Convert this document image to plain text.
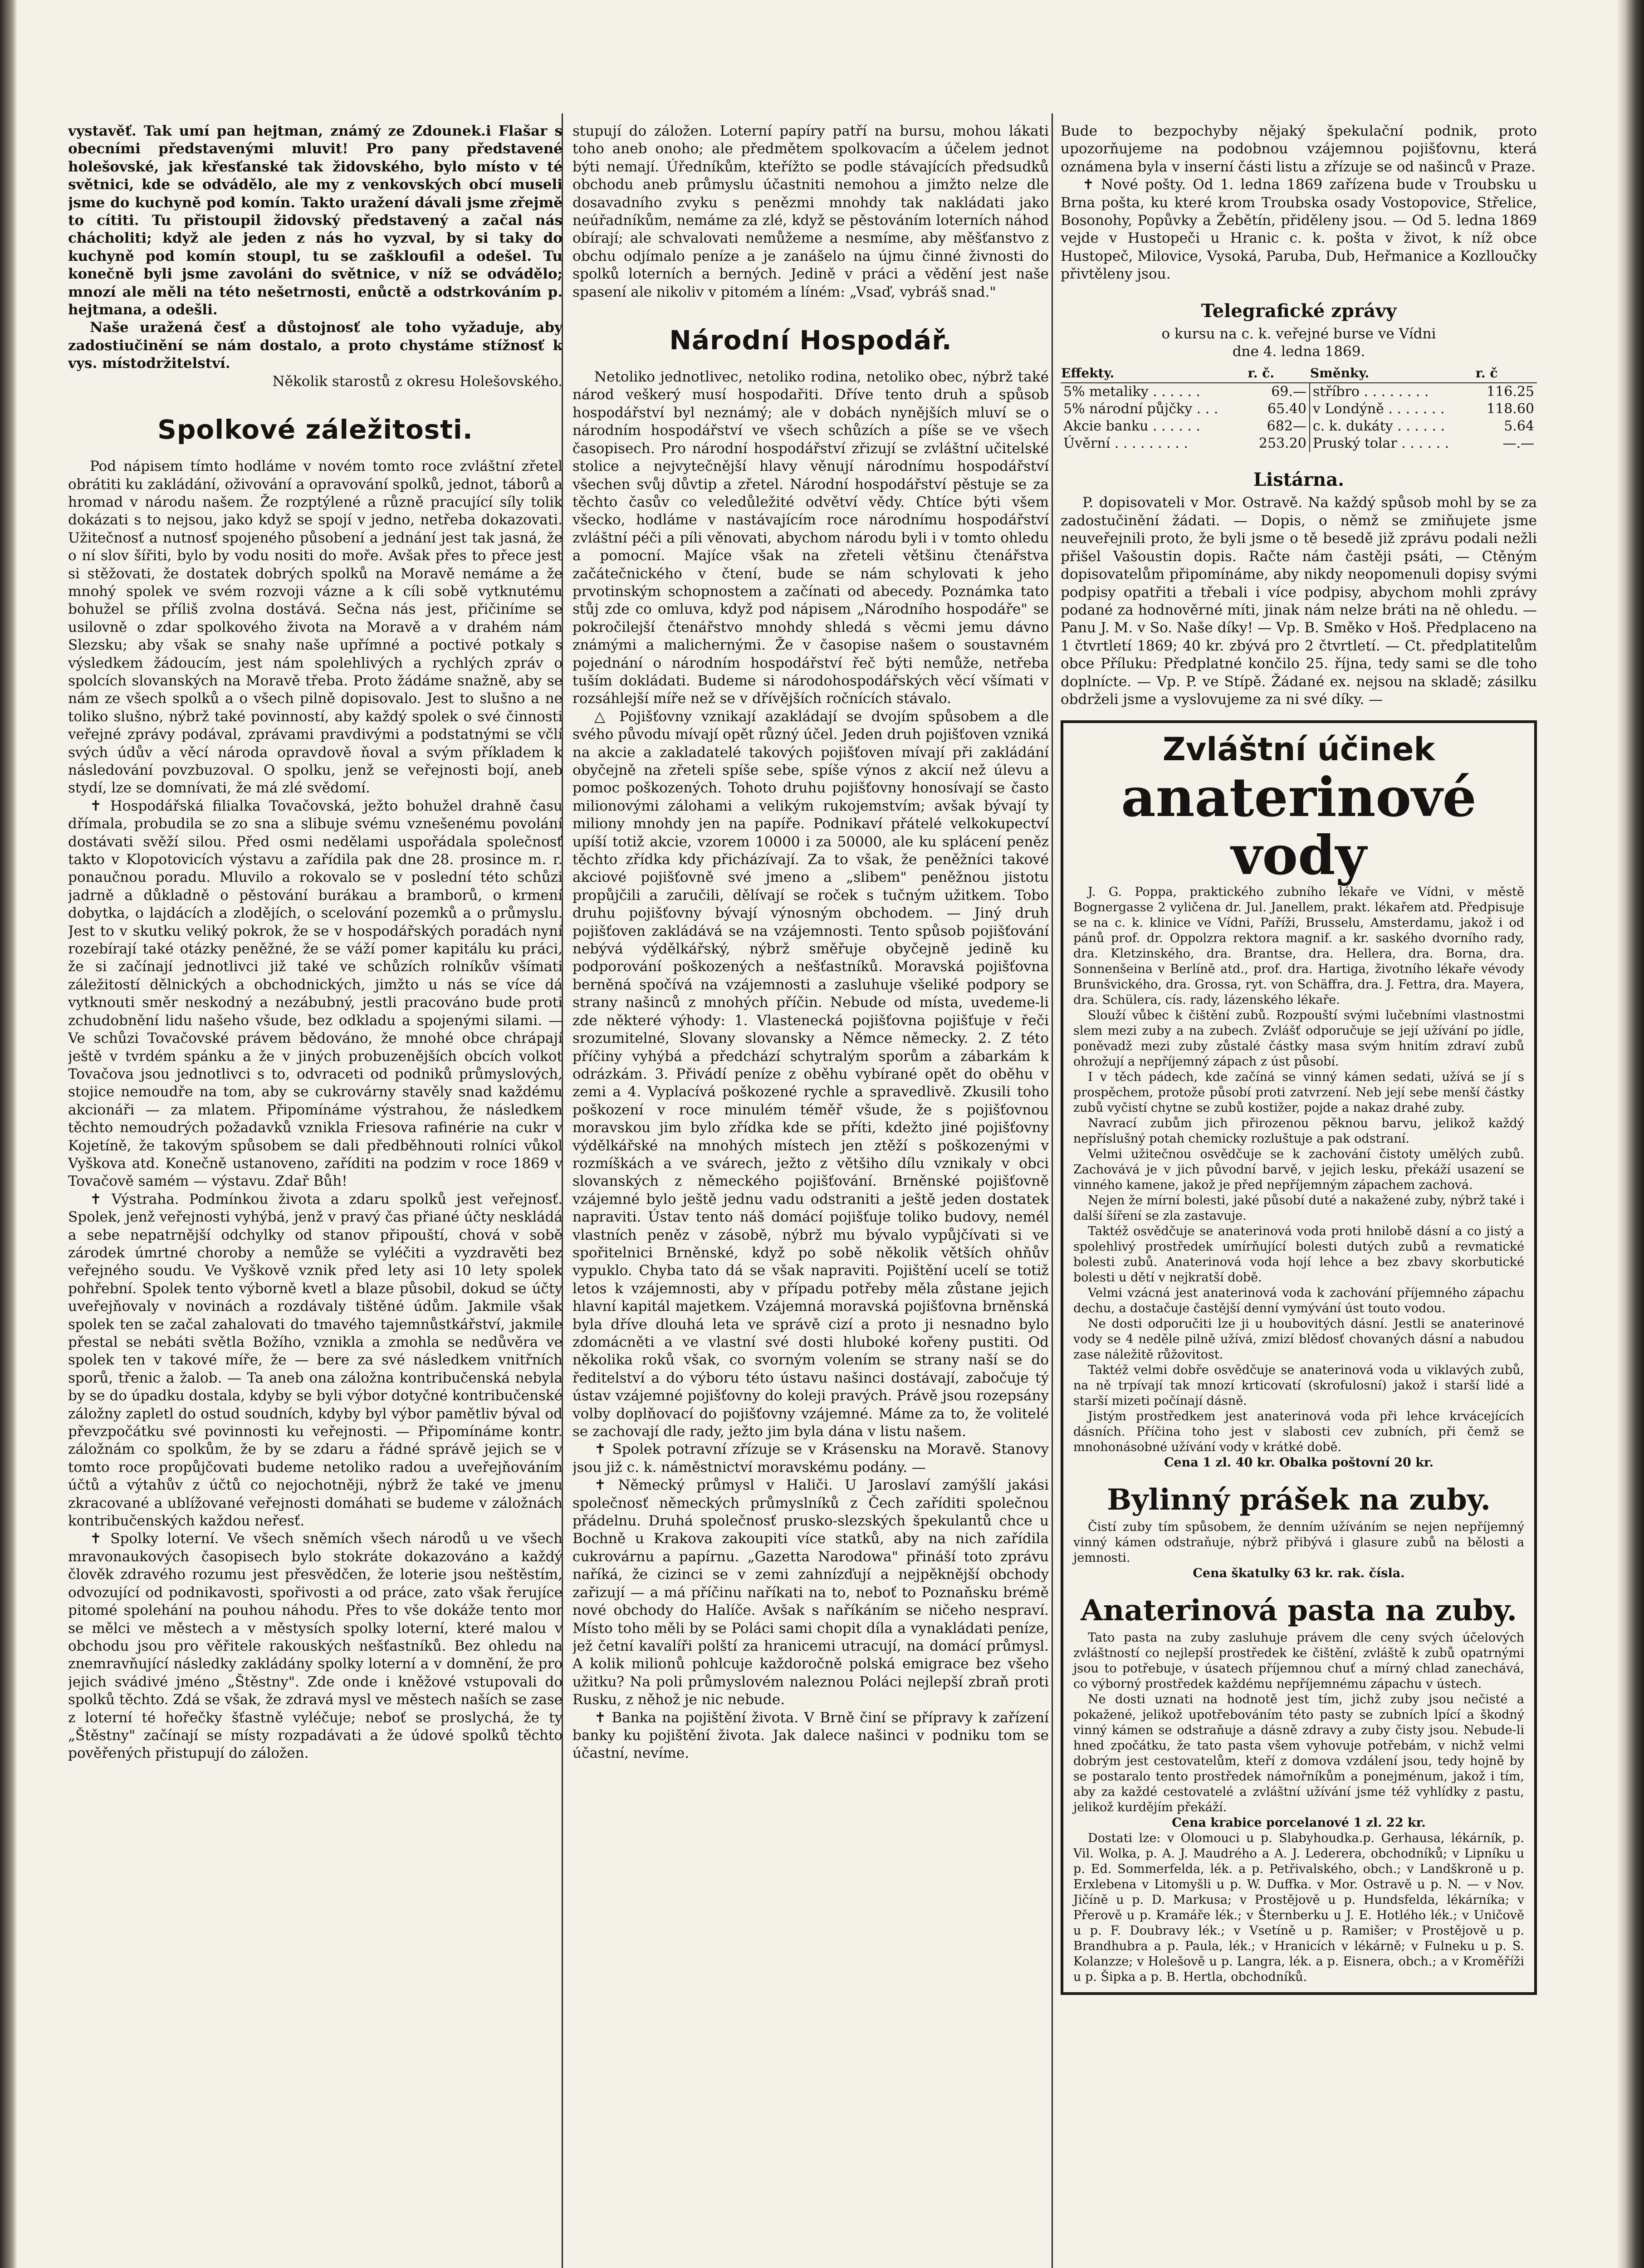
vystavěť. Tak umí pan hejtman, známý ze Zdounek.i Flašar s obecními představenými mluvit! Pro pany představené holešovské, jak křesťanské tak židovského, bylo místo v té světnici, kde se odvádělo, ale my z venkovských obcí museli jsme do kuchyně pod komín. Takto uražení dávali jsme zřejmě to cítiti. Tu přistoupil židovský představený a začal nás chácholiti; když ale jeden z nás ho vyzval, by si taky do kuchyně pod komín stoupl, tu se zaškloufil a odešel. Tu konečně byli jsme zavoláni do světnice, v níž se odvádělo; mnozí ale měli na této nešetrnosti, enůctě a odstrkováním p. hejtmana, a odešli.

Naše uražená česť a důstojnosť ale toho vyžaduje, aby zadostiučinění se nám dostalo, a proto chystáme stížnosť k vys. místodržitelství.

Několik starostů z okresu Holešovského.

Spolkové záležitosti.

Pod nápisem tímto hodláme v novém tomto roce zvláštní zřetel obrátiti ku zakládání, oživování a opravování spolků, jednot, táborů a hromad v národu našem. Že rozptýlené a různě pracující síly tolik dokázati s to nejsou, jako když se spojí v jedno, netřeba dokazovati. Užitečnosť a nutnosť spojeného působení a jednání jest tak jasná, že o ní slov šířiti, bylo by vodu nositi do moře. Avšak přes to přece jest si stěžovati, že dostatek dobrých spolků na Moravě nemáme a že mnohý spolek ve svém rozvoji vázne a k cíli sobě vytknutému bohužel se příliš zvolna dostává. Sečna nás jest, přičiníme se usilovně o zdar spolkového života na Moravě a v drahém nám Slezsku; aby však se snahy naše upřímné a poctivé potkaly s výsledkem žádoucím, jest nám spolehlivých a rychlých zpráv o spolcích slovanských na Moravě třeba. Proto žádáme snažně, aby se nám ze všech spolků a o všech pilně dopisovalo. Jest to slušno a ne toliko slušno, nýbrž také povinností, aby každý spolek o své činnosti veřejné zprávy podával, zprávami pravdivými a podstatnými se včlí svých údův a věcí národa opravdově ňoval a svým příkladem k následování povzbuzoval. O spolku, jenž se veřejnosti bojí, aneb stydí, lze se domnívati, že má zlé svědomí.

✝ Hospodářská filialka Tovačovská, ježto bohužel drahně času dřímala, probudila se zo sna a slibuje svému vznešenému povolání dostávati svěží silou. Před osmi nedělami uspořádala společnosť takto v Klopotovicích výstavu a zařídila pak dne 28. prosince m. r. ponaučnou poradu. Mluvilo a rokovalo se v poslední této schůzi jadrně a důkladně o pěstování burákau a bramborů, o krmení dobytka, o lajdácích a zlodějích, o scelování pozemků a o průmyslu. Jest to v skutku veliký pokrok, že se v hospodářských poradách nyní rozebírají také otázky peněžné, že se váží pomer kapitálu ku práci, že si začínají jednotlivci již také ve schůzích rolníkův všímati záležitostí dělnických a obchodnických, jimžto u nás se více dá vytknouti směr neskodný a nezábubný, jestli pracováno bude proti zchudobnění lidu našeho všude, bez odkladu a spojenými silami. — Ve schůzi Tovačovské právem bědováno, že mnohé obce chrápají ještě v tvrdém spánku a že v jiných probuzenějších obcích volkot Tovačova jsou jednotlivci s to, odvraceti od podniků průmyslových, stojice nemoudře na tom, aby se cukrovárny stavěly snad každému akcionáři — za mlatem. Připomínáme výstrahou, že následkem těchto nemoudrých požadavků vznikla Friesova rafinérie na cukr v Kojetíně, že takovým spůsobem se dali předběhnouti rolníci vůkol Vyškova atd. Konečně ustanoveno, zaříditi na podzim v roce 1869 v Tovačově samém — výstavu. Zdař Bůh!

✝ Výstraha. Podmínkou života a zdaru spolků jest veřejnosť. Spolek, jenž veřejnosti vyhýbá, jenž v pravý čas přiané účty neskládá a sebe nepatrnější odchylky od stanov připouští, chová v sobě zárodek úmrtné choroby a nemůže se vyléčiti a vyzdravěti bez veřejného soudu. Ve Vyškově vznik před lety asi 10 lety spolek pohřební. Spolek tento výborně kvetl a blaze působil, dokud se účty uveřejňovaly v novinách a rozdávaly tištěné údům. Jakmile však spolek ten se začal zahalovati do tmavého tajemnůstkářství, jakmile přestal se nebáti světla Božího, vznikla a zmohla se nedůvěra ve spolek ten v takové míře, že — bere za své následkem vnitřních sporů, třenic a žalob. — Ta aneb ona záložna kontribučenská nebyla by se do úpadku dostala, kdyby se byli výbor dotyčné kontribučenské záložny zapletl do ostud soudních, kdyby byl výbor pamětliv býval od převzpočátku své povinnosti ku veřejnosti. — Připomínáme kontr. záložnám co spolkům, že by se zdaru a řádné správě jejich se v tomto roce propůjčovati budeme netoliko radou a uveřejňováním účtů a výtahův z účtů co nejochotněji, nýbrž že také ve jmenu zkracované a ublížované veřejnosti domáhati se budeme v záložnách kontribučenských každou neřesť.

✝ Spolky loterní. Ve všech sněmích všech národů u ve všech mravonaukových časopisech bylo stokráte dokazováno a každý člověk zdravého rozumu jest přesvědčen, že loterie jsou neštěstím, odvozující od podnikavosti, spořivosti a od práce, zato však řerujíce pitomé spolehání na pouhou náhodu. Přes to vše dokáže tento mor se mělci ve městech a v městysích spolky loterní, které malou v obchodu jsou pro věřitele rakouských nešťastníků. Bez ohledu na znemravňující následky zakládány spolky loterní a v domnění, že pro jejich svádivé jméno „Štěstny". Zde onde i kněžové vstupovali do spolků těchto. Zdá se však, že zdravá mysl ve městech naších se zase z loterní té hořečky šťastně vyléčuje; neboť se proslychá, že ty „Štěstny" začínají se místy rozpadávati a že údové spolků těchto pověřených přistupují do záložen.

stupují do záložen. Loterní papíry patří na bursu, mohou lákati toho aneb onoho; ale předmětem spolkovacím a účelem jednot býti nemají. Úředníkům, kteřížto se podle stávajících předsudků obchodu aneb průmyslu účastniti nemohou a jimžto nelze dle dosavadního zvyku s penězmi mnohdy tak nakládati jako neúřadníkům, nemáme za zlé, když se pěstováním loterních náhod obírají; ale schvalovati nemůžeme a nesmíme, aby měšťanstvo z obchu odjímalo peníze a je zanášelo na újmu činné živnosti do spolků loterních a berných. Jedině v práci a vědění jest naše spasení ale nikoliv v pitomém a líném: „Vsaď, vybráš snad."

Národní Hospodář.

Netoliko jednotlivec, netoliko rodina, netoliko obec, nýbrž také národ veškerý musí hospodařiti. Dříve tento druh a spůsob hospodářství byl neznámý; ale v dobách nynějších mluví se o národním hospodářství ve všech schůzích a píše se ve všech časopisech. Pro národní hospodářství zřizují se zvláštní učitelské stolice a nejvytečnější hlavy věnují národnímu hospodářství všechen svůj důvtip a zřetel. Národní hospodářství pěstuje se za těchto časův co veledůležité odvětví vědy. Chtíce býti všem všecko, hodláme v nastávajícím roce národnímu hospodářství zvláštní péči a píli věnovati, abychom národu byli i v tomto ohledu a pomocní. Majíce však na zřeteli většinu čtenářstva začátečnického v čtení, bude se nám schylovati k jeho prvotinským schopnostem a začínati od abecedy. Poznámka tato stůj zde co omluva, když pod nápisem „Národního hospodáře" se pokročilejší čtenářstvo mnohdy shledá s věcmi jemu dávno známými a malichernými. Že v časopise našem o soustavném pojednání o národním hospodářství řeč býti nemůže, netřeba tuším dokládati. Budeme si národohospodářských věcí všímati v rozsáhlejší míře než se v dřívějších ročnících stávalo.

△ Pojišťovny vznikají azakládají se dvojím spůsobem a dle svého původu mívají opět různý účel. Jeden druh pojišťoven vzniká na akcie a zakladatelé takových pojišťoven mívají při zakládání obyčejně na zřeteli spíše sebe, spíše výnos z akcií než úlevu a pomoc poškozených. Tohoto druhu pojišťovny honosívají se často milionovými zálohami a velikým rukojemstvím; avšak bývají ty miliony mnohdy jen na papíře. Podnikaví přátelé velkokupectví upíší totiž akcie, vzorem 10000 i za 50000, ale ku splácení peněz těchto zřídka kdy přicházívají. Za to však, že peněžníci takové akciové pojišťovně své jmeno a „slibem" peněžnou jistotu propůjčili a zaručili, dělívají se roček s tučným užitkem. Tobo druhu pojišťovny bývají výnosným obchodem. — Jiný druh pojišťoven zakládává se na vzájemnosti. Tento spůsob pojišťování nebývá výdělkářský, nýbrž směřuje obyčejně jedině ku podporování poškozených a nešťastníků. Moravská pojišťovna berněná spočívá na vzájemnosti a zasluhuje všeliké podpory se strany našinců z mnohých příčin. Nebude od místa, uvedeme-li zde některé výhody: 1. Vlastenecká pojišťovna pojišťuje v řeči srozumitelné, Slovany slovansky a Němce německy. 2. Z této příčiny vyhýbá a předchází schytralým sporům a zábarkám k odrázkám. 3. Přivádí peníze z oběhu vybírané opět do oběhu v zemi a 4. Vyplacívá poškozené rychle a spravedlivě. Zkusili toho poškození v roce minulém téměř všude, že s pojišťovnou moravskou jim bylo zřídka kde se příti, kdežto jiné pojišťovny výdělkářské na mnohých místech jen ztěží s poškozenými v rozmíškách a ve svárech, ježto z většiho dílu vznikaly v obci slovanských z německého pojišťování. Brněnské pojišťovně vzájemné bylo ještě jednu vadu odstraniti a ještě jeden dostatek napraviti. Ústav tento náš domácí pojišťuje toliko budovy, nemél vlastních peněz v zásobě, nýbrž mu bývalo vypůjčívati si ve spořitelnici Brněnské, když po sobě několik větších ohňův vypuklo. Chyba tato dá se však napraviti. Pojištění ucelí se totiž letos k vzájemnosti, aby v případu potřeby měla zůstane jejich hlavní kapitál majetkem. Vzájemná moravská pojišťovna brněnská byla dříve dlouhá leta ve správě cizí a proto ji nesnadno bylo zdomácněti a ve vlastní své dosti hluboké kořeny pustiti. Od několika roků však, co svorným volením se strany naší se do ředitelství a do výboru této ústavu našinci dostávají, zabočuje tý ústav vzájemné pojišťovny do koleji pravých. Právě jsou rozepsány volby doplňovací do pojišťovny vzájemné. Máme za to, že volitelé se zachovají dle rady, ježto jim byla dána v listu našem.

✝ Spolek potravní zřízuje se v Krásensku na Moravě. Stanovy jsou již c. k. náměstnictví moravskému podány. —

✝ Německý průmysl v Haliči. U Jaroslaví zamýšlí jakási společnosť německých průmyslníků z Čech zaříditi společnou přádelnu. Druhá společnosť prusko-slezských špekulantů chce u Bochně u Krakova zakoupiti více statků, aby na nich zařídila cukrovárnu a papírnu. „Gazetta Narodowa" přináší toto zprávu naříká, že cizinci se v zemi zahnízďují a nejpěknější obchody zařizují — a má příčinu naříkati na to, neboť to Poznaňsku brémě nové obchody do Halíče. Avšak s naříkáním se ničeho nespraví. Místo toho měli by se Poláci sami chopit díla a vynakládati peníze, jež četní kavalíři polští za hranicemi utracují, na domácí průmysl. A kolik milionů pohlcuje každoročně polská emigrace bez všeho užitku? Na poli průmyslovém naleznou Poláci nejlepší zbraň proti Rusku, z něhož je nic nebude.

✝ Banka na pojištění života. V Brně činí se přípravy k zařízení banky ku pojištění života. Jak dalece našinci v podniku tom se účastní, nevíme.

Bude to bezpochyby nějaký špekulační podnik, proto upozorňujeme na podobnou vzájemnou pojišťovnu, která oznámena byla v inserní části listu a zřízuje se od našinců v Praze.

✝ Nové pošty. Od 1. ledna 1869 zařízena bude v Troubsku u Brna pošta, ku které krom Troubska osady Vostopovice, Střelice, Bosonohy, Popůvky a Žebětín, přiděleny jsou. — Od 5. ledna 1869 vejde v Hustopeči u Hranic c. k. pošta v život, k níž obce Hustopeč, Milovice, Vysoká, Paruba, Dub, Heřmanice a Kozlloučky přivtěleny jsou.

Telegrafické zprávy

o kursu na c. k. veřejné burse ve Vídni

dne 4. ledna 1869.

Effekty.	r. č.	Směnky.	r. č
5% metaliky . . . . . .	69.—	stříbro . . . . . . . .	116.25
5% národní půjčky . . .	65.40	v Londýně . . . . . . .	118.60
Akcie banku . . . . . .	682—	c. k. dukáty . . . . . .	5.64
Úvěrní . . . . . . . . .	253.20	Pruský tolar . . . . . .	—.—
Listárna.

P. dopisovateli v Mor. Ostravě. Na každý spůsob mohl by se za zadostučinění žádati. — Dopis, o němž se zmiňujete jsme neuveřejnili proto, že byli jsme o tě besedě již zprávu podali nežli přišel Vašoustin dopis. Račte nám častěji psáti, — Ctěným dopisovatelům připomínáme, aby nikdy neopomenuli dopisy svými podpisy opatřiti a třebali i více podpisy, abychom mohli zprávy podané za hodnověrné míti, jinak nám nelze bráti na ně ohledu. — Panu J. M. v So. Naše díky! — Vp. B. Směko v Hoš. Předplaceno na 1 čtvrtletí 1869; 40 kr. zbývá pro 2 čtvrtletí. — Ct. předplatitelům obce Příluku: Předplatné končilo 25. října, tedy sami se dle toho doplnícte. — Vp. P. ve Stípě. Žádané ex. nejsou na skladě; zásilku obdrželi jsme a vyslovujeme za ni své díky. —

Zvláštní účinek
anaterinové vody

J. G. Poppa, praktického zubního lékaře ve Vídni, v městě Bognergasse 2 vyličena dr. Jul. Janellem, prakt. lékařem atd. Předpisuje se na c. k. klinice ve Vídni, Paříži, Brusselu, Amsterdamu, jakož i od pánů prof. dr. Oppolzra rektora magnif. a kr. saského dvorního rady, dra. Kletzinského, dra. Brantse, dra. Hellera, dra. Borna, dra. Sonnenšeina v Berlíně atd., prof. dra. Hartiga, životního lékaře vévody Brunšvického, dra. Grossa, ryt. von Schäffra, dra. J. Fettra, dra. Mayera, dra. Schülera, cís. rady, lázenského lékaře.

Slouží vůbec k čištění zubů. Rozpouští svými lučebními vlastnostmi slem mezi zuby a na zubech. Zvlášť odporučuje se její užívání po jídle, poněvadž mezi zuby zůstalé částky masa svým hnitím zdraví zubů ohrožují a nepříjemný zápach z úst působí.

I v těch pádech, kde začíná se vinný kámen sedati, užívá se jí s prospěchem, protože působí proti zatvrzení. Neb její sebe menší částky zubů vyčistí chytne se zubů kostižer, pojde a nakaz drahé zuby.

Navrací zubům jich přirozenou pěknou barvu, jelikož každý nepříslušný potah chemicky rozluštuje a pak odstraní.

Velmi užitečnou osvědčuje se k zachování čistoty umělých zubů. Zachovává je v jich původní barvě, v jejich lesku, překáží usazení se vinného kamene, jakož je před nepříjemným zápachem zachová.

Nejen že mírní bolesti, jaké působí duté a nakažené zuby, nýbrž také i další šíření se zla zastavuje.

Taktéž osvědčuje se anaterinová voda proti hnilobě dásní a co jistý a spolehlivý prostředek umírňující bolesti dutých zubů a revmatické bolesti zubů. Anaterinová voda hojí lehce a bez zbavy skorbutické bolesti u dětí v nejkratší době.

Velmi vzácná jest anaterinová voda k zachování příjemného zápachu dechu, a dostačuje častější denní vymývání úst touto vodou.

Ne dosti odporučiti lze ji u houbovitých dásní. Jestli se anaterinové vody se 4 neděle pilně užívá, zmizí blědosť chovaných dásní a nabudou zase náležitě růžovitost.

Taktéž velmi dobře osvědčuje se anaterinová voda u viklavých zubů, na ně trpívají tak mnozí krticovatí (skrofulosní) jakož i starší lidé a starší mizeti počínají dásně.

Jistým prostředkem jest anaterinová voda při lehce krvácejících dásních. Příčina toho jest v slabosti cev zubních, při čemž se mnohonásobné užívání vody v krátké době.

Cena 1 zl. 40 kr. Obalka poštovní 20 kr.

Bylinný prášek na zuby.

Čistí zuby tím spůsobem, že denním užíváním se nejen nepříjemný vinný kámen odstraňuje, nýbrž přibývá i glasure zubů na bělosti a jemnosti.

Cena škatulky 63 kr. rak. čísla.

Anaterinová pasta na zuby.

Tato pasta na zuby zasluhuje právem dle ceny svých účelových zvláštností co nejlepší prostředek ke čištění, zvláště k zubů opatrnými jsou to potřebuje, v úsatech příjemnou chuť a mírný chlad zanechává, co výborný prostředek každému nepříjemnému zápachu v ústech.

Ne dosti uznati na hodnotě jest tím, jichž zuby jsou nečisté a pokažené, jelikož upotřebováním této pasty se zubních lpící a škodný vinný kámen se odstraňuje a dásně zdravy a zuby čisty jsou. Nebude-li hned zpočátku, že tato pasta všem vyhovuje potřebám, v nichž velmi dobrým jest cestovatelům, kteří z domova vzdálení jsou, tedy hojně by se postaralo tento prostředek námořníkům a ponejménum, jakož i tím, aby za každé cestovatelé a zvláštní užívání jsme též vyhlídky z pastu, jelikož kurdějím překáží.

Cena krabice porcelanové 1 zl. 22 kr.

Dostati lze: v Olomouci u p. Slabyhoudka.p. Gerhausa, lékárník, p. Vil. Wolka, p. A. J. Maudrého a A. J. Lederera, obchodníků; v Lipníku u p. Ed. Sommerfelda, lék. a p. Petřivalského, obch.; v Landškroně u p. Erxlebena v Litomyšli u p. W. Duffka. v Mor. Ostravě u p. N. — v Nov. Jičíně u p. D. Markusa; v Prostějově u p. Hundsfelda, lékárníka; v Přerově u p. Kramáře lék.; v Šternberku u J. E. Hotlého lék.; v Uničově u p. F. Doubravy lék.; v Vsetíně u p. Ramišer; v Prostějově u p. Brandhubra a p. Paula, lék.; v Hranicích v lékárně; v Fulneku u p. S. Kolanzze; v Holešově u p. Langra, lék. a p. Eisnera, obch.; a v Kroměříži u p. Šipka a p. B. Hertla, obchodníků.
